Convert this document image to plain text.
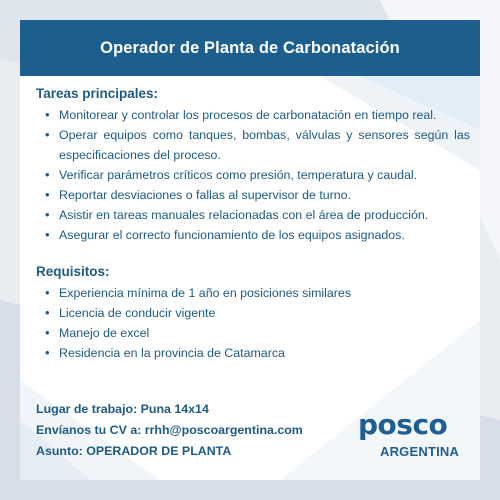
Operador de Planta de Carbonatación
Tareas principales:
• Monitorear y controlar los procesos de carbonatación en tiempo real.
• Operar equipos como tanques, bombas, válvulas y sensores según las especificaciones del proceso.
• Verificar parámetros críticos como presión, temperatura y caudal.
• Reportar desviaciones o fallas al supervisor de turno.
• Asistir en tareas manuales relacionadas con el área de producción.
• Asegurar el correcto funcionamiento de los equipos asignados.
Requisitos:
• Experiencia mínima de 1 año en posiciones similares
• Licencia de conducir vigente
• Manejo de excel
• Residencia en la provincia de Catamarca
Lugar de trabajo: Puna 14x14
Envíanos tu CV a: rrhh@poscoargentina.com
Asunto: OPERADOR DE PLANTA
posco
ARGENTINA
